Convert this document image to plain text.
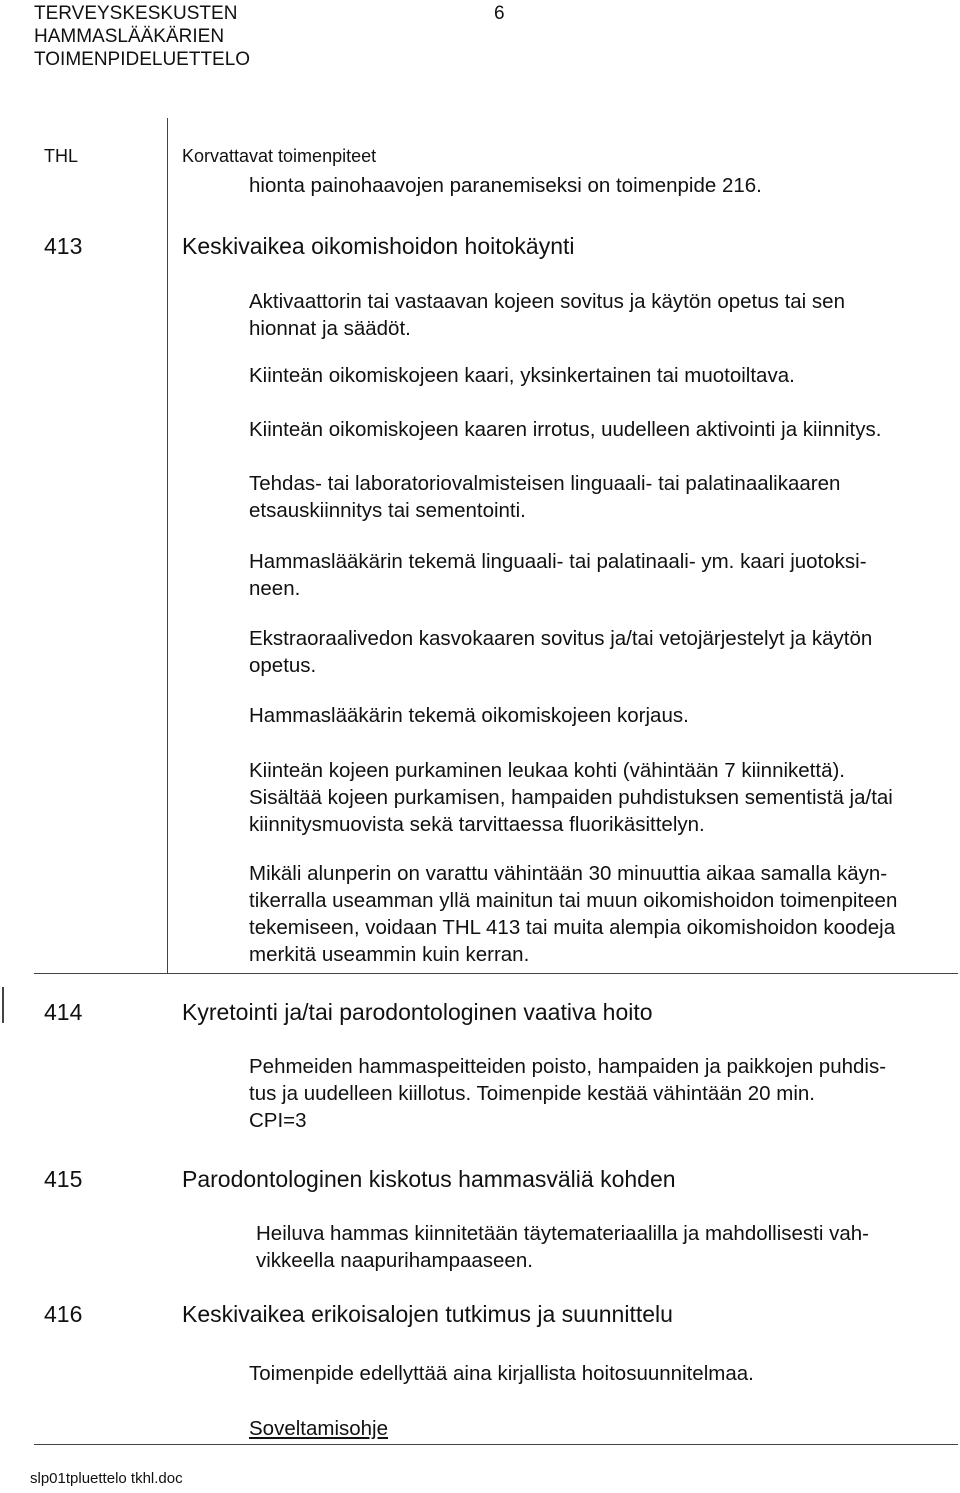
TERVEYSKESKUSTEN
HAMMASLÄÄKÄRIEN
TOIMENPIDELUETTELO
6
THL	Korvattavat toimenpiteet
hionta painohaavojen paranemiseksi on toimenpide 216.
413	Keskivaikea oikomishoidon hoitokäynti
Aktivaattorin tai vastaavan kojeen sovitus ja käytön opetus tai sen
hionnat ja säädöt.
Kiinteän oikomiskojeen kaari, yksinkertainen tai muotoiltava.
Kiinteän oikomiskojeen kaaren irrotus, uudelleen aktivointi ja kiinnitys.
Tehdas- tai laboratoriovalmisteisen linguaali- tai palatinaalikaaren
etsauskiinnitys tai sementointi.
Hammaslääkärin tekemä linguaali- tai palatinaali- ym. kaari juotoksi-
neen.
Ekstraoraalivedon kasvokaaren sovitus ja/tai vetojärjestelyt ja käytön
opetus.
Hammaslääkärin tekemä oikomiskojeen korjaus.
Kiinteän kojeen purkaminen leukaa kohti (vähintään 7 kiinnikettä).
Sisältää kojeen purkamisen, hampaiden puhdistuksen sementistä ja/tai
kiinnitysmuovista sekä tarvittaessa fluorikäsittelyn.
Mikäli alunperin on varattu vähintään 30 minuuttia aikaa samalla käyn-
tikerralla useamman yllä mainitun tai muun oikomishoidon toimenpiteen
tekemiseen, voidaan THL 413 tai muita alempia oikomishoidon koodeja
merkitä useammin kuin kerran.
414	Kyretointi ja/tai parodontologinen vaativa hoito
Pehmeiden hammaspeitteiden poisto, hampaiden ja paikkojen puhdis-
tus ja uudelleen kiillotus. Toimenpide kestää vähintään 20 min.
CPI=3
415	Parodontologinen kiskotus hammasväliä kohden
Heiluva hammas kiinnitetään täytemateriaalilla ja mahdollisesti vah-
vikkeella naapurihampaaseen.
416	Keskivaikea erikoisalojen tutkimus ja suunnittelu
Toimenpide edellyttää aina kirjallista hoitosuunnitelmaa.
Soveltamisohje
slp01tpluettelo tkhl.doc
